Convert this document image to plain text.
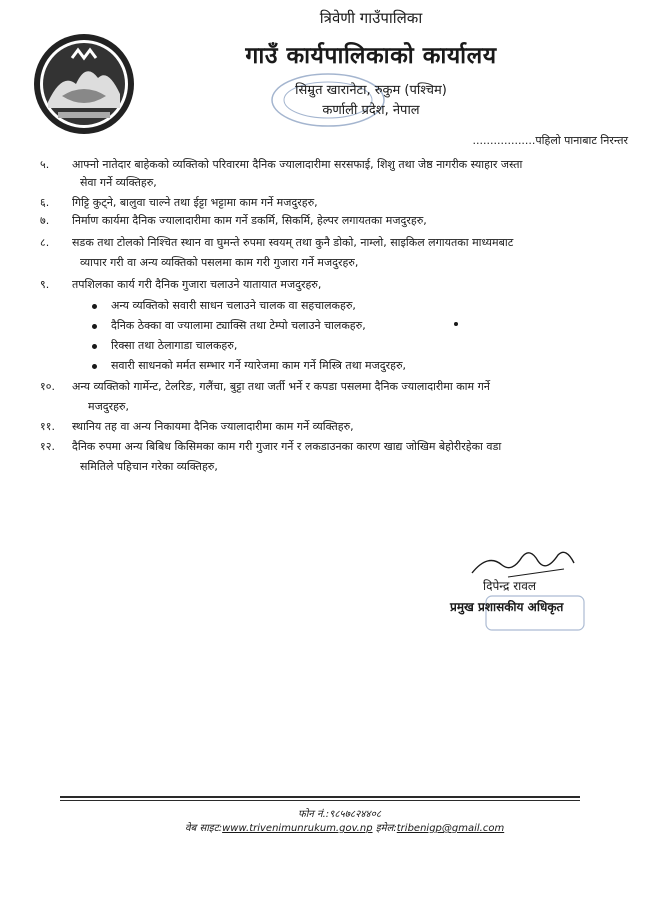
त्रिवेणी गाउँपालिका
गाउँ कार्यपालिकाको कार्यालय
सिम्रुत खारानेटा, रुकुम (पश्चिम)
कर्णाली प्रदेश, नेपाल
..................पहिलो पानाबाट निरन्तर
५. आफ्नो नातेदार बाहेकको व्यक्तिको परिवारमा दैनिक ज्यालादारीमा सरसफाई, शिशु तथा जेष्ठ नागरीक स्याहार जस्ता
सेवा गर्ने व्यक्तिहरु,
६. गिट्टि कुट्ने, बालुवा चाल्ने तथा ईट्टा भट्टामा काम गर्ने मजदुरहरु,
७. निर्माण कार्यमा दैनिक ज्यालादारीमा काम गर्ने डकर्मि, सिकर्मि, हेल्पर लगायतका मजदुरहरु,
८. सडक तथा टोलको निश्चित स्थान वा घुमन्ते रुपमा स्वयम् तथा कुनै डोको, नाम्लो, साइकिल लगायतका माध्यमबाट
व्यापार गरी वा अन्य व्यक्तिको पसलमा काम गरी गुजारा गर्ने मजदुरहरु,
९. तपशिलका कार्य गरी दैनिक गुजारा चलाउने यातायात मजदुरहरु,
अन्य व्यक्तिको सवारी साधन चलाउने चालक वा सहचालकहरु,
दैनिक ठेक्का वा ज्यालामा ट्याक्सि तथा टेम्पो चलाउने चालकहरु,
रिक्सा तथा ठेलागाडा चालकहरु,
सवारी साधनको मर्मत सम्भार गर्ने ग्यारेजमा काम गर्ने मिस्त्रि तथा मजदुरहरु,
१०. अन्य व्यक्तिको गार्मेन्ट, टेलरिङ, गलैंचा, बुट्टा तथा जर्ती भर्ने र कपडा पसलमा दैनिक ज्यालादारीमा काम गर्ने
मजदुरहरु,
११. स्थानिय तह वा अन्य निकायमा दैनिक ज्यालादारीमा काम गर्ने व्यक्तिहरु,
१२. दैनिक रुपमा अन्य बिबिध किसिमका काम गरी गुजार गर्ने र लकडाउनका कारण खाद्य जोखिम बेहोरीरहेका वडा
समितिले पहिचान गरेका व्यक्तिहरु,
दिपेन्द्र रावल
प्रमुख प्रशासकीय अधिकृत
फोन नं.:९८५७८२४४०८
वेब साइट:www.trivenimunrukum.gov.np इमेल:tribenigp@gmail.com
